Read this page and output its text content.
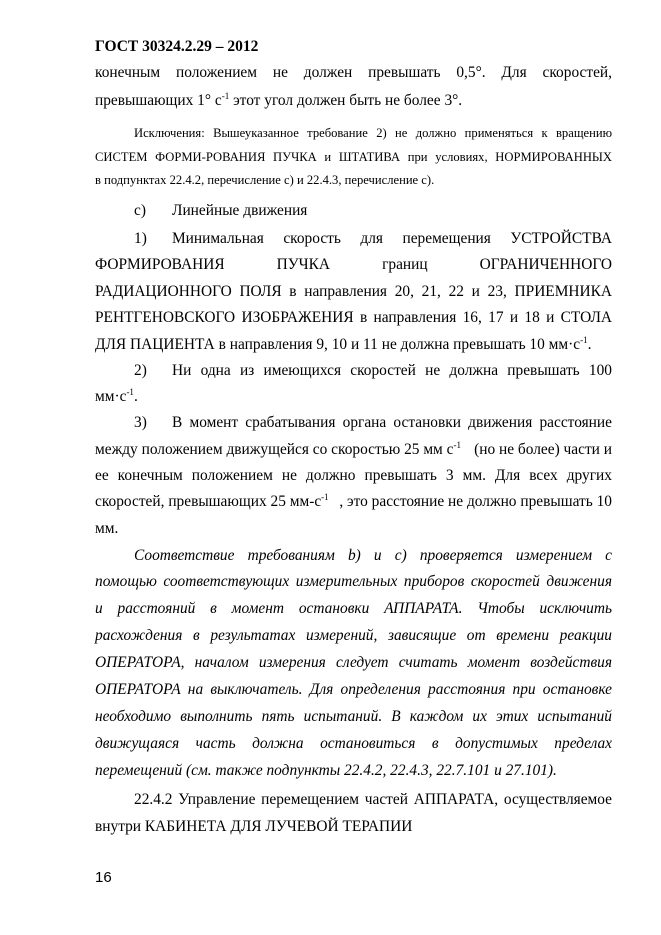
ГОСТ 30324.2.29 – 2012
конечным положением не должен превышать 0,5°. Для скоростей,
превышающих 1° $с^{-1}$ этот угол должен быть не более 3°.
Исключения: Вышеуказанное требование 2) не должно применяться к вращению
СИСТЕМ ФОРМИ-РОВАНИЯ ПУЧКА и ШТАТИВА при условиях, НОРМИРОВАННЫХ
в подпунктах 22.4.2, перечисление с) и 22.4.3, перечисление с).
с) Линейные движения
1)	Минимальная скорость для перемещения УСТРОЙСТВА
ФОРМИРОВАНИЯ ПУЧКА границ ОГРАНИЧЕННОГО
РАДИАЦИОННОГО ПОЛЯ в направления 20, 21, 22 и 23, ПРИЕМНИКА
РЕНТГЕНОВСКОГО ИЗОБРАЖЕНИЯ в направления 16, 17 и 18 и СТОЛА
ДЛЯ ПАЦИЕНТА в направления 9, 10 и 11 не должна превышать 10 $мм\cdot с^{-1}$.
2)	Ни одна из имеющихся скоростей не должна превышать 100
$мм\cdot с^{-1}$.
3)	В момент срабатывания органа остановки движения расстояние
между положением движущейся со скоростью 25 мм $с^{-1}$ (но не более) части и
ее конечным положением не должно превышать 3 мм. Для всех других
скоростей, превышающих 25 $мм-с^{-1}$ , это расстояние не должно превышать 10
мм.
Соответствие требованиям b) и с) проверяется измерением с
помощью соответствующих измерительных приборов скоростей движения
и расстояний в момент остановки АППАРАТА. Чтобы исключить
расхождения в результатах измерений, зависящие от времени реакции
ОПЕРАТОРА, началом измерения следует считать момент воздействия
ОПЕРАТОРА на выключатель. Для определения расстояния при остановке
необходимо выполнить пять испытаний. В каждом их этих испытаний
движущаяся часть должна остановиться в допустимых пределах
перемещений (см. также подпункты 22.4.2, 22.4.3, 22.7.101 и 27.101).
22.4.2 Управление перемещением частей АППАРАТА, осуществляемое
внутри КАБИНЕТА ДЛЯ ЛУЧЕВОЙ ТЕРАПИИ
16
